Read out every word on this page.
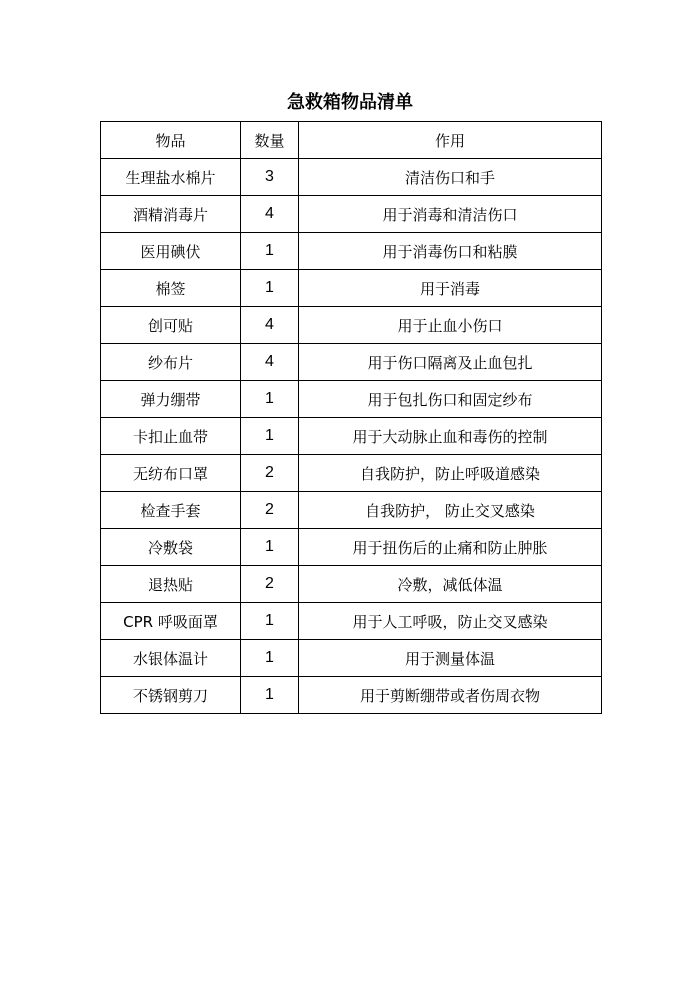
急救箱物品清单
物品	数量	作用
生理盐水棉片	3	清洁伤口和手
酒精消毒片	4	用于消毒和清洁伤口
医用碘伏	1	用于消毒伤口和粘膜
棉签	1	用于消毒
创可贴	4	用于止血小伤口
纱布片	4	用于伤口隔离及止血包扎
弹力绷带	1	用于包扎伤口和固定纱布
卡扣止血带	1	用于大动脉止血和毒伤的控制
无纺布口罩	2	自我防护，防止呼吸道感染
检查手套	2	自我防护， 防止交叉感染
冷敷袋	1	用于扭伤后的止痛和防止肿胀
退热贴	2	冷敷，减低体温
CPR 呼吸面罩	1	用于人工呼吸，防止交叉感染
水银体温计	1	用于测量体温
不锈钢剪刀	1	用于剪断绷带或者伤周衣物
